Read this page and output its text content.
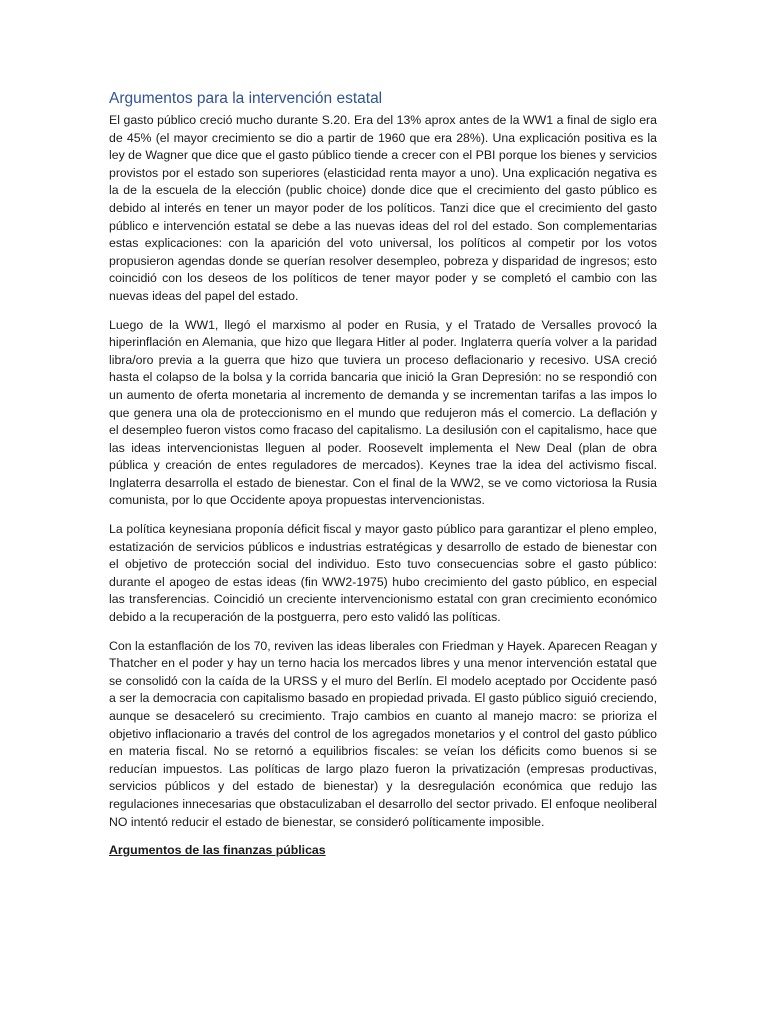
Argumentos para la intervención estatal

El gasto público creció mucho durante S.20. Era del 13% aprox antes de la WW1 a final de siglo era de 45% (el mayor crecimiento se dio a partir de 1960 que era 28%). Una explicación positiva es la ley de Wagner que dice que el gasto público tiende a crecer con el PBI porque los bienes y servicios provistos por el estado son superiores (elasticidad renta mayor a uno). Una explicación negativa es la de la escuela de la elección (public choice) donde dice que el crecimiento del gasto público es debido al interés en tener un mayor poder de los políticos. Tanzi dice que el crecimiento del gasto público e intervención estatal se debe a las nuevas ideas del rol del estado. Son complementarias estas explicaciones: con la aparición del voto universal, los políticos al competir por los votos propusieron agendas donde se querían resolver desempleo, pobreza y disparidad de ingresos; esto coincidió con los deseos de los políticos de tener mayor poder y se completó el cambio con las nuevas ideas del papel del estado.

Luego de la WW1, llegó el marxismo al poder en Rusia, y el Tratado de Versalles provocó la hiperinflación en Alemania, que hizo que llegara Hitler al poder. Inglaterra quería volver a la paridad libra/oro previa a la guerra que hizo que tuviera un proceso deflacionario y recesivo. USA creció hasta el colapso de la bolsa y la corrida bancaria que inició la Gran Depresión: no se respondió con un aumento de oferta monetaria al incremento de demanda y se incrementan tarifas a las impos lo que genera una ola de proteccionismo en el mundo que redujeron más el comercio. La deflación y el desempleo fueron vistos como fracaso del capitalismo. La desilusión con el capitalismo, hace que las ideas intervencionistas lleguen al poder. Roosevelt implementa el New Deal (plan de obra pública y creación de entes reguladores de mercados). Keynes trae la idea del activismo fiscal. Inglaterra desarrolla el estado de bienestar. Con el final de la WW2, se ve como victoriosa la Rusia comunista, por lo que Occidente apoya propuestas intervencionistas.

La política keynesiana proponía déficit fiscal y mayor gasto público para garantizar el pleno empleo, estatización de servicios públicos e industrias estratégicas y desarrollo de estado de bienestar con el objetivo de protección social del individuo. Esto tuvo consecuencias sobre el gasto público: durante el apogeo de estas ideas (fin WW2-1975) hubo crecimiento del gasto público, en especial las transferencias. Coincidió un creciente intervencionismo estatal con gran crecimiento económico debido a la recuperación de la postguerra, pero esto validó las políticas.

Con la estanflación de los 70, reviven las ideas liberales con Friedman y Hayek. Aparecen Reagan y Thatcher en el poder y hay un terno hacia los mercados libres y una menor intervención estatal que se consolidó con la caída de la URSS y el muro del Berlín. El modelo aceptado por Occidente pasó a ser la democracia con capitalismo basado en propiedad privada. El gasto público siguió creciendo, aunque se desaceleró su crecimiento. Trajo cambios en cuanto al manejo macro: se prioriza el objetivo inflacionario a través del control de los agregados monetarios y el control del gasto público en materia fiscal. No se retornó a equilibrios fiscales: se veían los déficits como buenos si se reducían impuestos. Las políticas de largo plazo fueron la privatización (empresas productivas, servicios públicos y del estado de bienestar) y la desregulación económica que redujo las regulaciones innecesarias que obstaculizaban el desarrollo del sector privado. El enfoque neoliberal NO intentó reducir el estado de bienestar, se consideró políticamente imposible.

Argumentos de las finanzas públicas
